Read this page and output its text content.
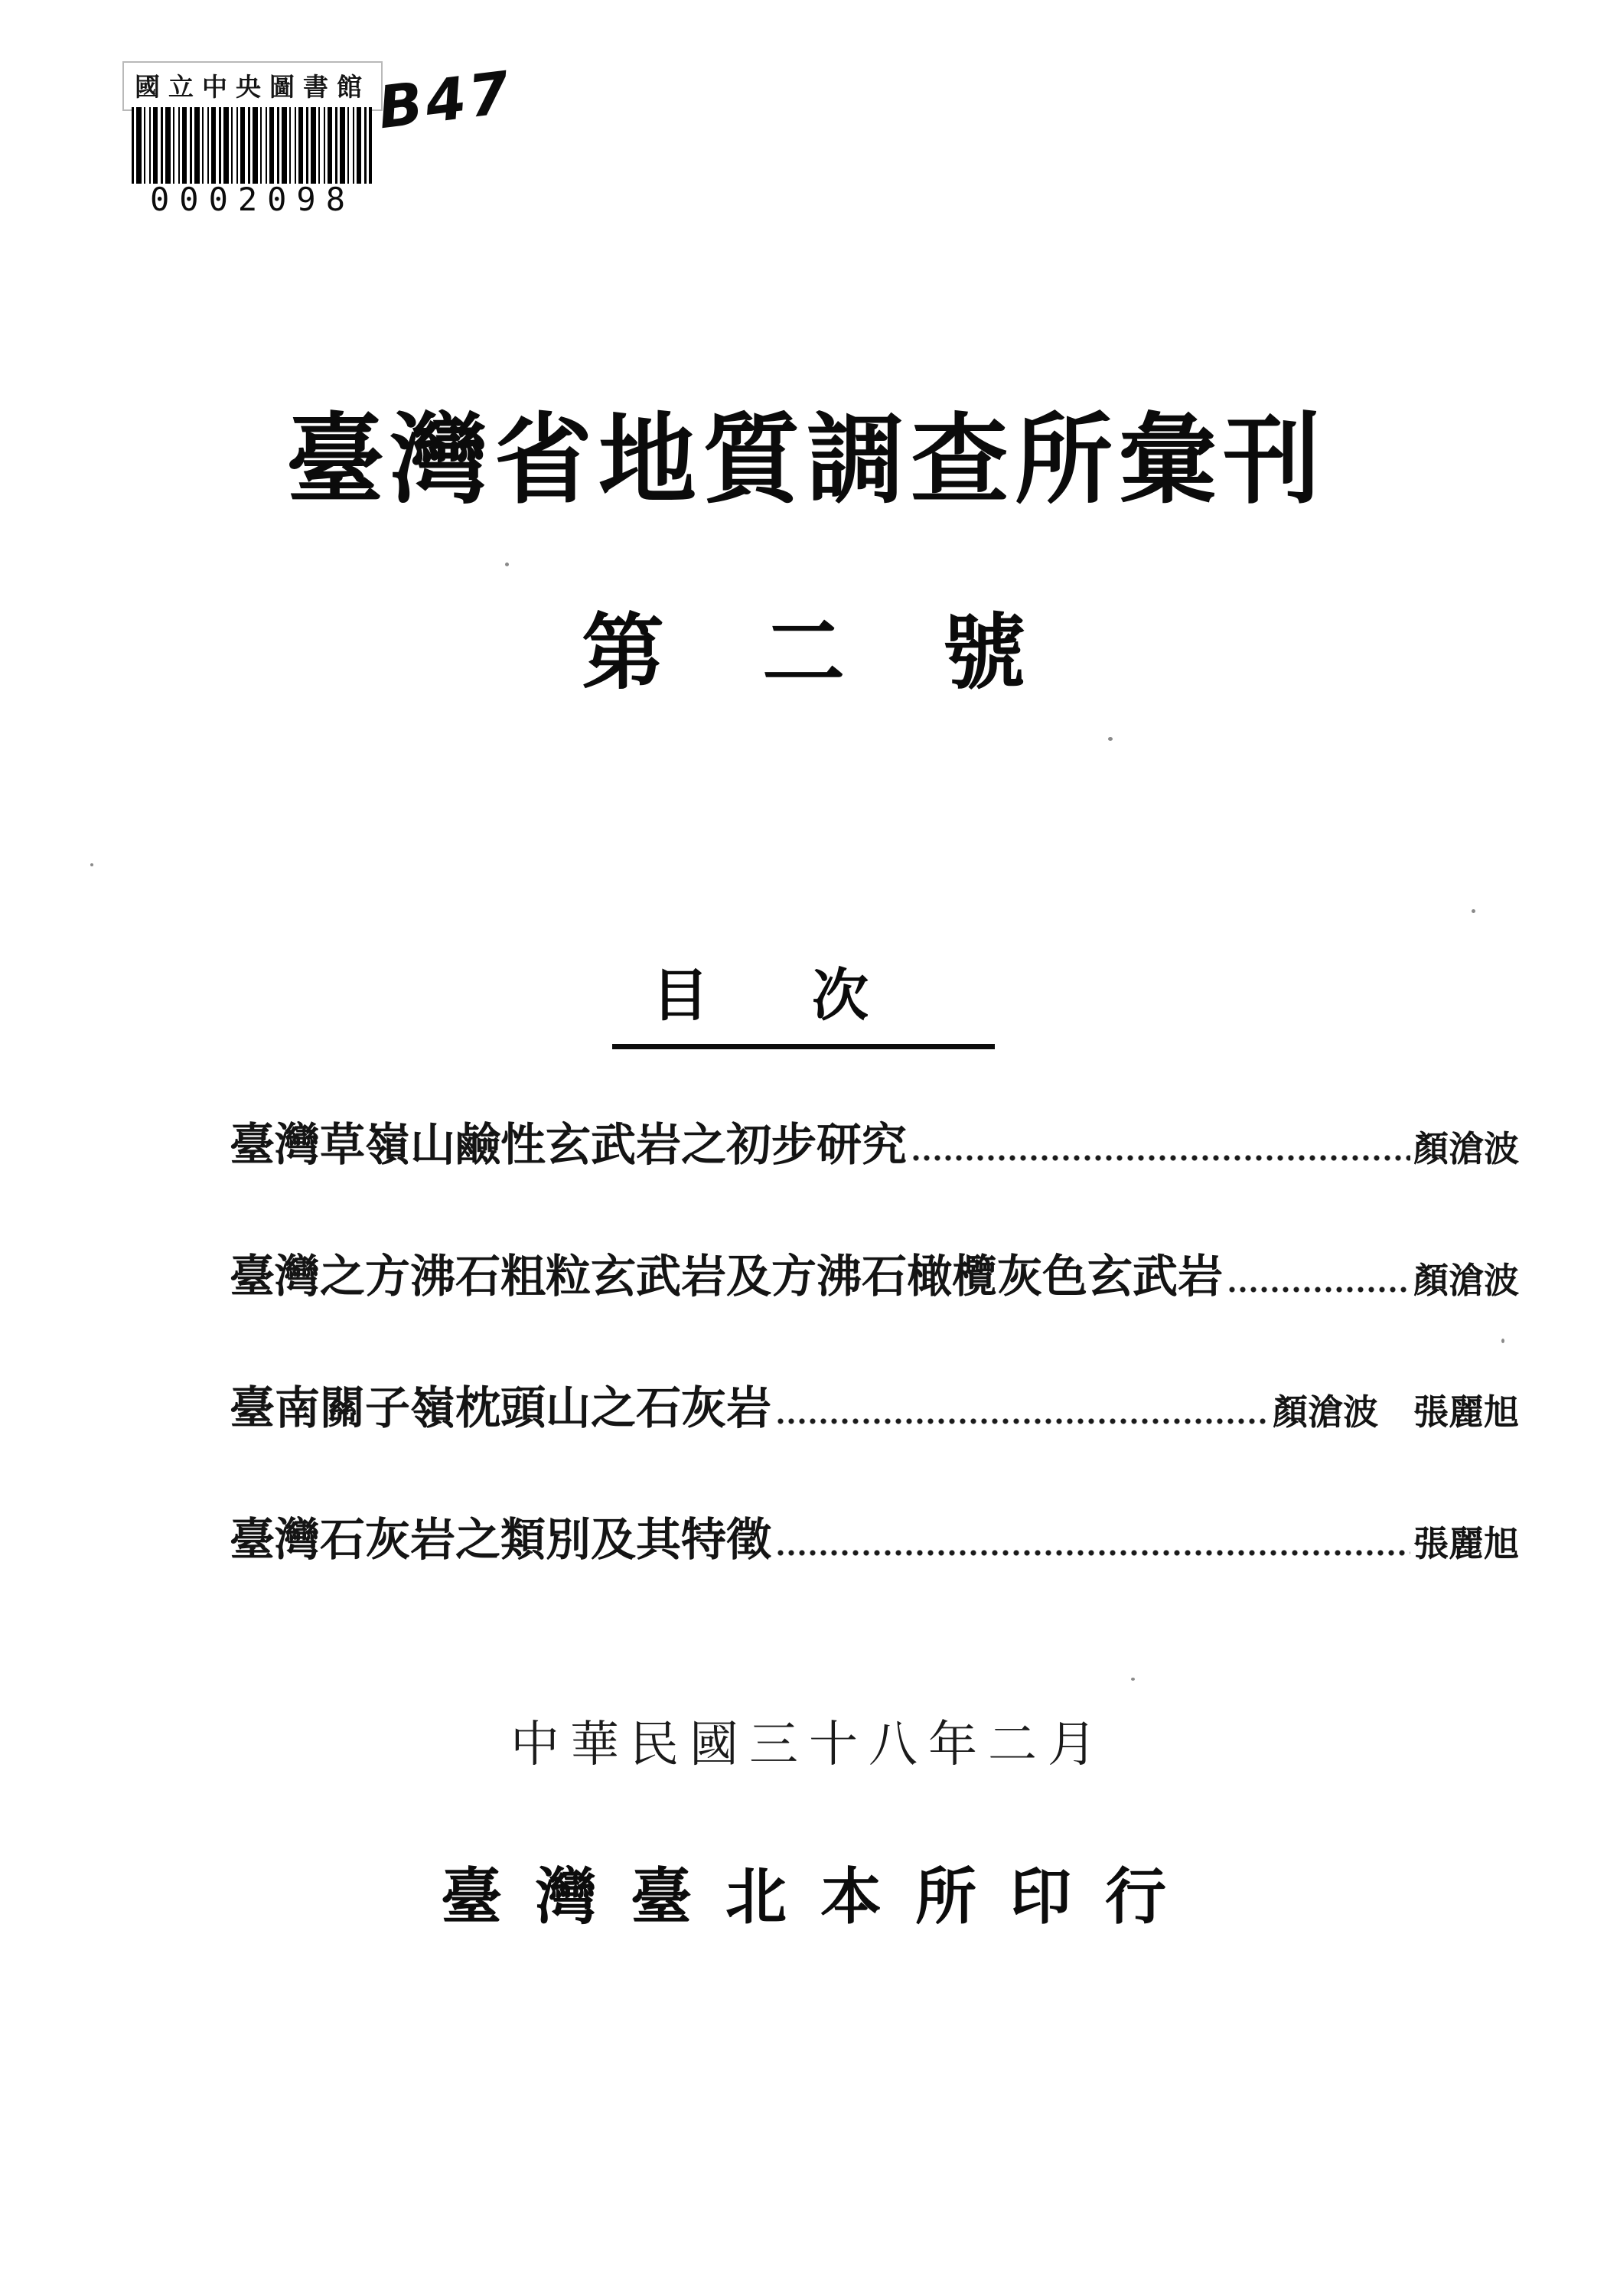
國立中央圖書館
0002098
B47
臺灣省地質調查所彙刊
第二號
目次
臺灣草嶺山鹼性玄武岩之初步研究	顏滄波
臺灣之方沸石粗粒玄武岩及方沸石橄欖灰色玄武岩	顏滄波
臺南關子嶺枕頭山之石灰岩	顏滄波　張麗旭
臺灣石灰岩之類別及其特徵	張麗旭
中華民國三十八年二月
臺灣臺北本所印行
